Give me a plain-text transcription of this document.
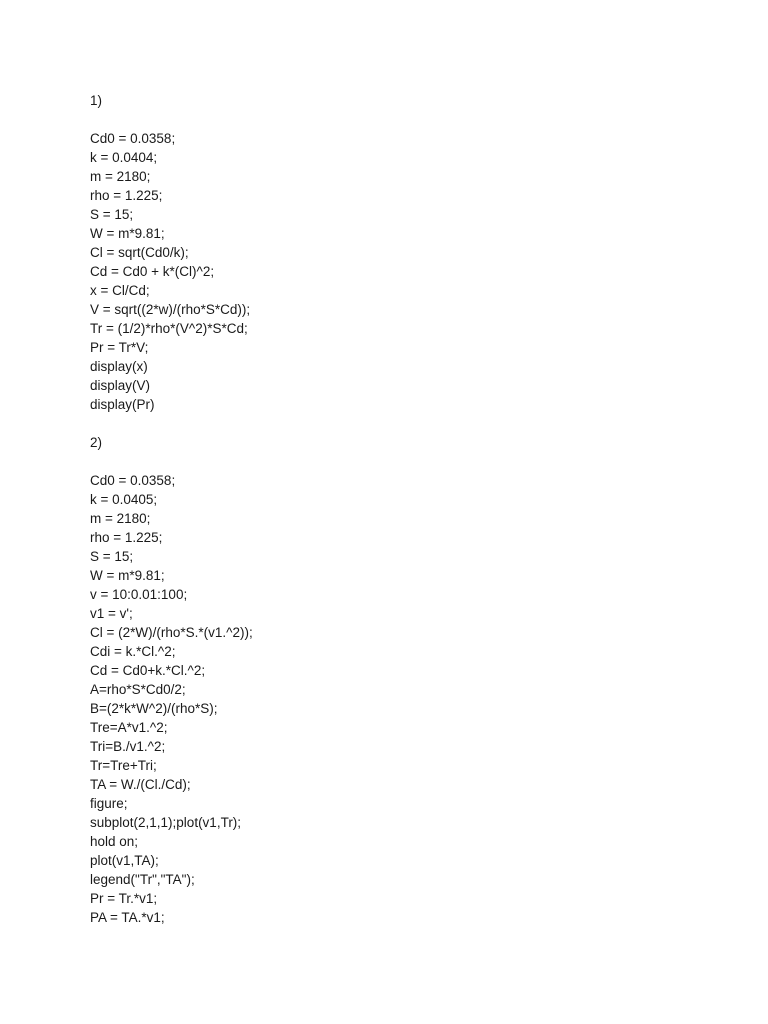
1)
Cd0 = 0.0358;
k = 0.0404;
m = 2180;
rho = 1.225;
S = 15;
W = m*9.81;
Cl = sqrt(Cd0/k);
Cd = Cd0 + k*(Cl)^2;
x = Cl/Cd;
V = sqrt((2*w)/(rho*S*Cd));
Tr = (1/2)*rho*(V^2)*S*Cd;
Pr = Tr*V;
display(x)
display(V)
display(Pr)
2)
Cd0 = 0.0358;
k = 0.0405;
m = 2180;
rho = 1.225;
S = 15;
W = m*9.81;
v = 10:0.01:100;
v1 = v';
Cl = (2*W)/(rho*S.*(v1.^2));
Cdi = k.*Cl.^2;
Cd = Cd0+k.*Cl.^2;
A=rho*S*Cd0/2;
B=(2*k*W^2)/(rho*S);
Tre=A*v1.^2;
Tri=B./v1.^2;
Tr=Tre+Tri;
TA = W./(Cl./Cd);
figure;
subplot(2,1,1);plot(v1,Tr);
hold on;
plot(v1,TA);
legend("Tr","TA");
Pr = Tr.*v1;
PA = TA.*v1;
